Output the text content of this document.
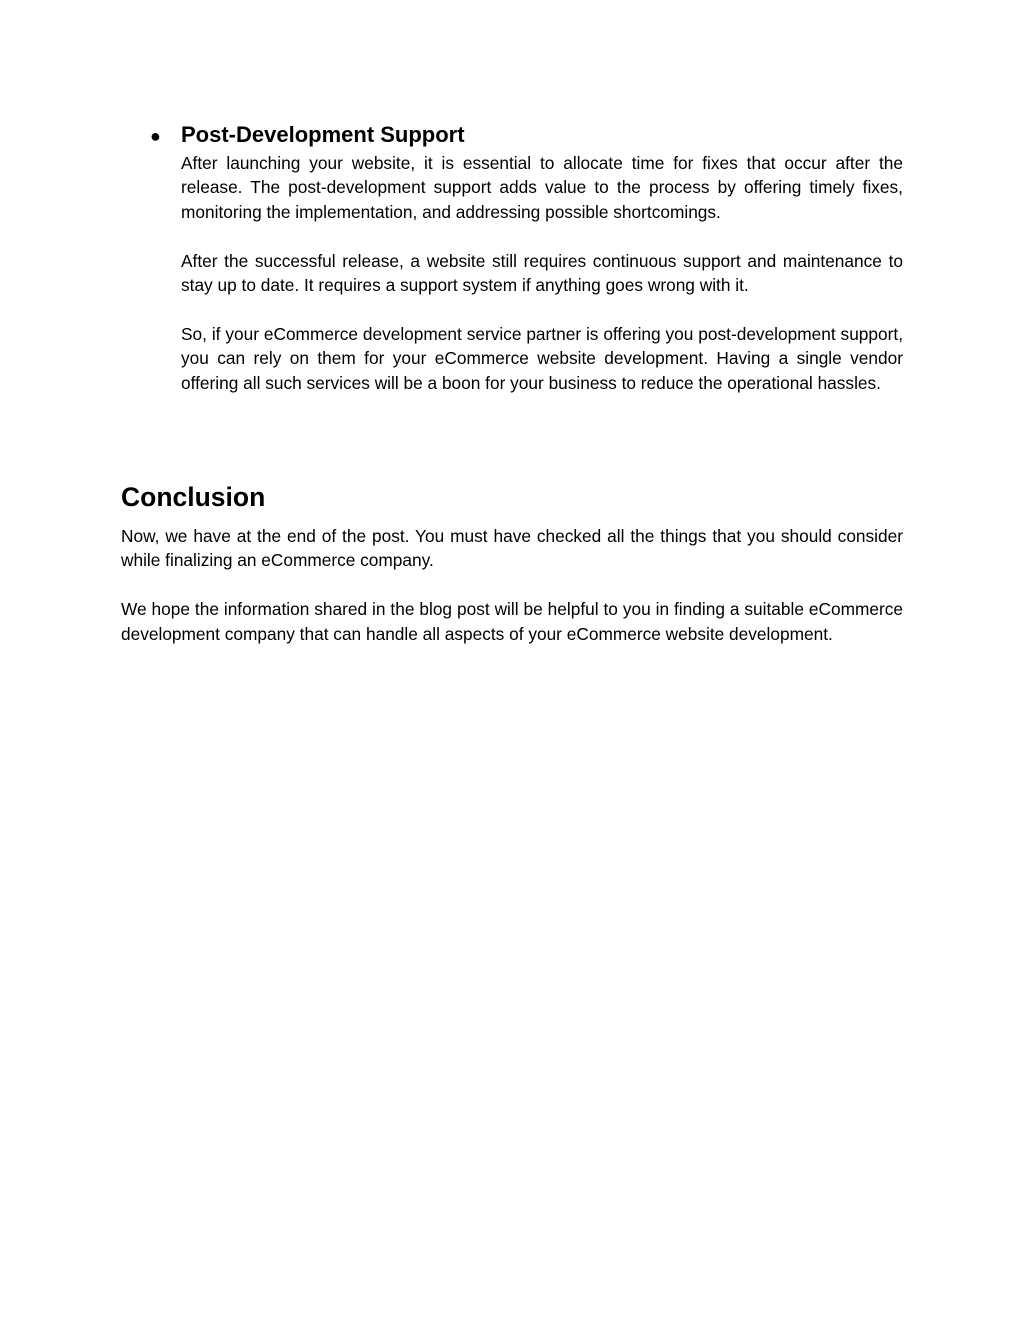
● Post-Development Support

After launching your website, it is essential to allocate time for fixes that occur after the release. The post-development support adds value to the process by offering timely fixes, monitoring the implementation, and addressing possible shortcomings.

After the successful release, a website still requires continuous support and maintenance to stay up to date. It requires a support system if anything goes wrong with it.

So, if your eCommerce development service partner is offering you post-development support, you can rely on them for your eCommerce website development. Having a single vendor offering all such services will be a boon for your business to reduce the operational hassles.

Conclusion

Now, we have at the end of the post. You must have checked all the things that you should consider while finalizing an eCommerce company.

We hope the information shared in the blog post will be helpful to you in finding a suitable eCommerce development company that can handle all aspects of your eCommerce website development.
